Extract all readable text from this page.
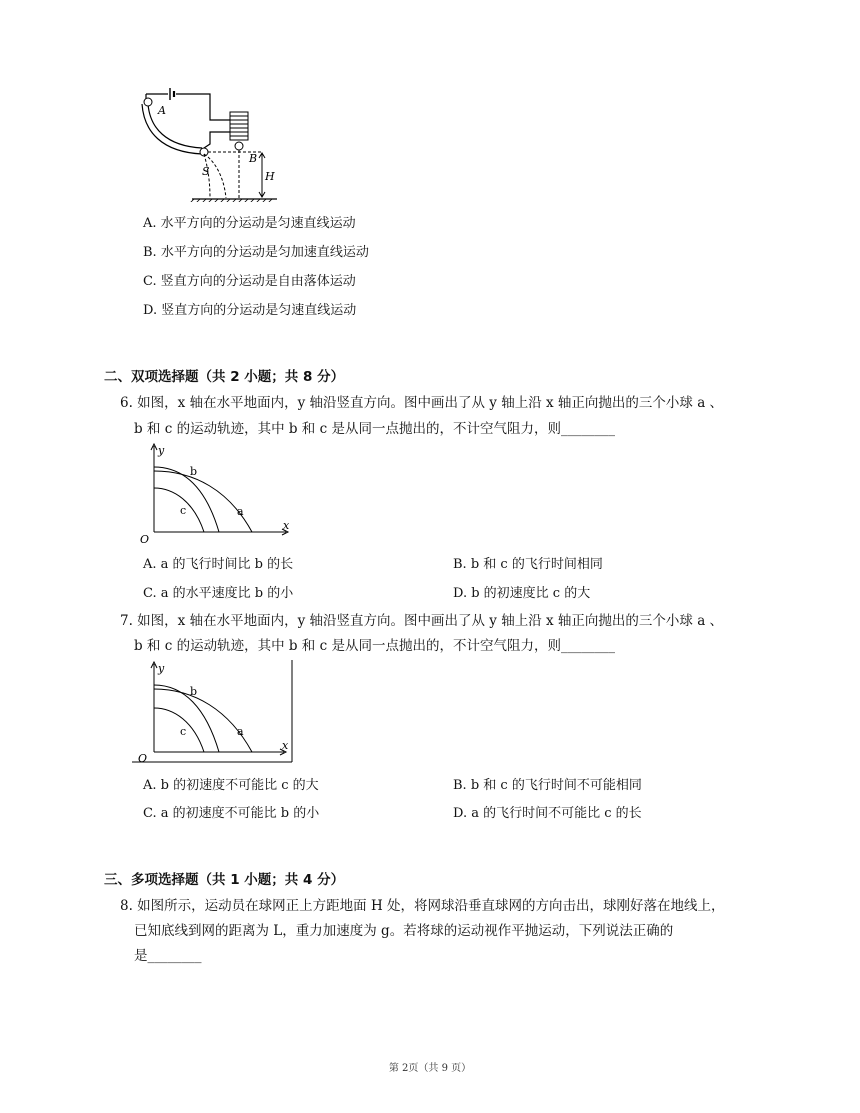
A
B
S	H
A. 水平方向的分运动是匀速直线运动
B. 水平方向的分运动是匀加速直线运动
C. 竖直方向的分运动是自由落体运动
D. 竖直方向的分运动是匀速直线运动
二、双项选择题（共 2 小题；共 8 分）
6. 如图，x 轴在水平地面内，y 轴沿竖直方向。图中画出了从 y 轴上沿 x 轴正向抛出的三个小球 a 、
b 和 c 的运动轨迹，其中 b 和 c 是从同一点抛出的，不计空气阻力，则________
y
x
O
b
c	a
A. a 的飞行时间比 b 的长	B. b 和 c 的飞行时间相同
C. a 的水平速度比 b 的小	D. b 的初速度比 c 的大
7. 如图，x 轴在水平地面内，y 轴沿竖直方向。图中画出了从 y 轴上沿 x 轴正向抛出的三个小球 a 、
b 和 c 的运动轨迹，其中 b 和 c 是从同一点抛出的，不计空气阻力，则________
y
x
O
b
c	a
A. b 的初速度不可能比 c 的大	B. b 和 c 的飞行时间不可能相同
C. a 的初速度不可能比 b 的小	D. a 的飞行时间不可能比 c 的长
三、多项选择题（共 1 小题；共 4 分）
8. 如图所示，运动员在球网正上方距地面 H 处，将网球沿垂直球网的方向击出，球刚好落在地线上，
已知底线到网的距离为 L，重力加速度为 g。若将球的运动视作平抛运动，下列说法正确的
是________
第 2页（共 9 页）
